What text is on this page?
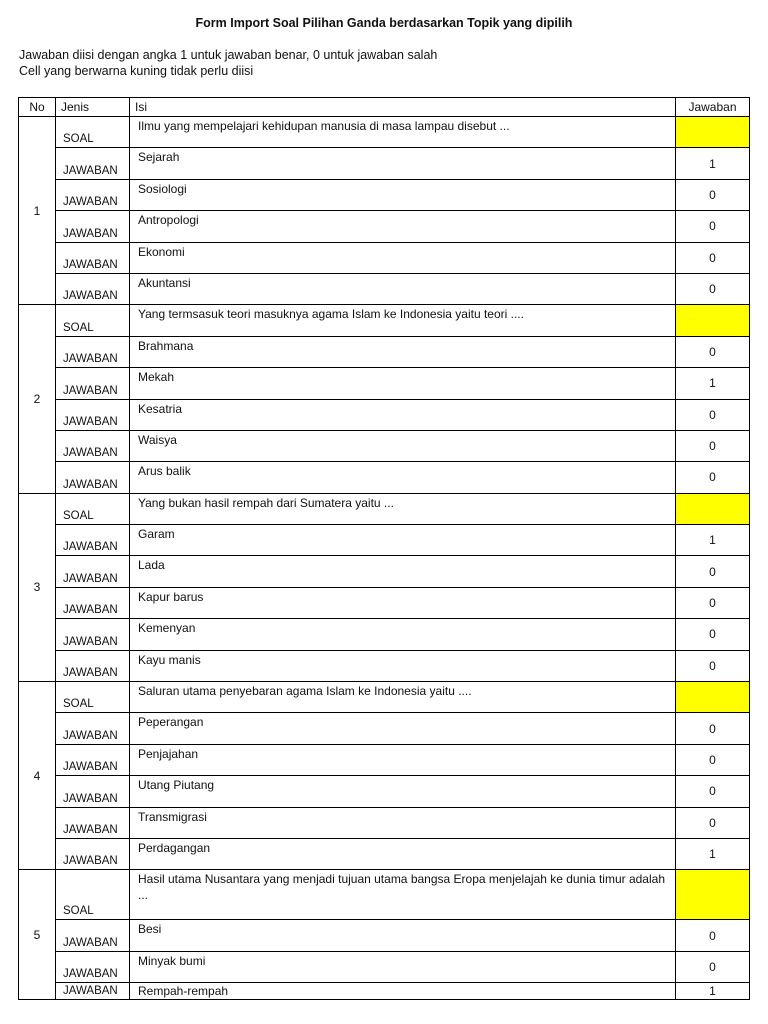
Form Import Soal Pilihan Ganda berdasarkan Topik yang dipilih
Jawaban diisi dengan angka 1 untuk jawaban benar, 0 untuk jawaban salah
Cell yang berwarna kuning tidak perlu diisi
No	Jenis	Isi	Jawaban
1	SOAL	Ilmu yang mempelajari kehidupan manusia di masa lampau disebut ...	
	JAWABAN	Sejarah	1
	JAWABAN	Sosiologi	0
	JAWABAN	Antropologi	0
	JAWABAN	Ekonomi	0
	JAWABAN	Akuntansi	0
2	SOAL	Yang termsasuk teori masuknya agama Islam ke Indonesia yaitu teori ....	
	JAWABAN	Brahmana	0
	JAWABAN	Mekah	1
	JAWABAN	Kesatria	0
	JAWABAN	Waisya	0
	JAWABAN	Arus balik	0
3	SOAL	Yang bukan hasil rempah dari Sumatera yaitu ...	
	JAWABAN	Garam	1
	JAWABAN	Lada	0
	JAWABAN	Kapur barus	0
	JAWABAN	Kemenyan	0
	JAWABAN	Kayu manis	0
4	SOAL	Saluran utama penyebaran agama Islam ke Indonesia yaitu ....	
	JAWABAN	Peperangan	0
	JAWABAN	Penjajahan	0
	JAWABAN	Utang Piutang	0
	JAWABAN	Transmigrasi	0
	JAWABAN	Perdagangan	1
5	SOAL	Hasil utama Nusantara yang menjadi tujuan utama bangsa Eropa menjelajah ke dunia timur adalah ...	
	JAWABAN	Besi	0
	JAWABAN	Minyak bumi	0
	JAWABAN	Rempah-rempah	1
